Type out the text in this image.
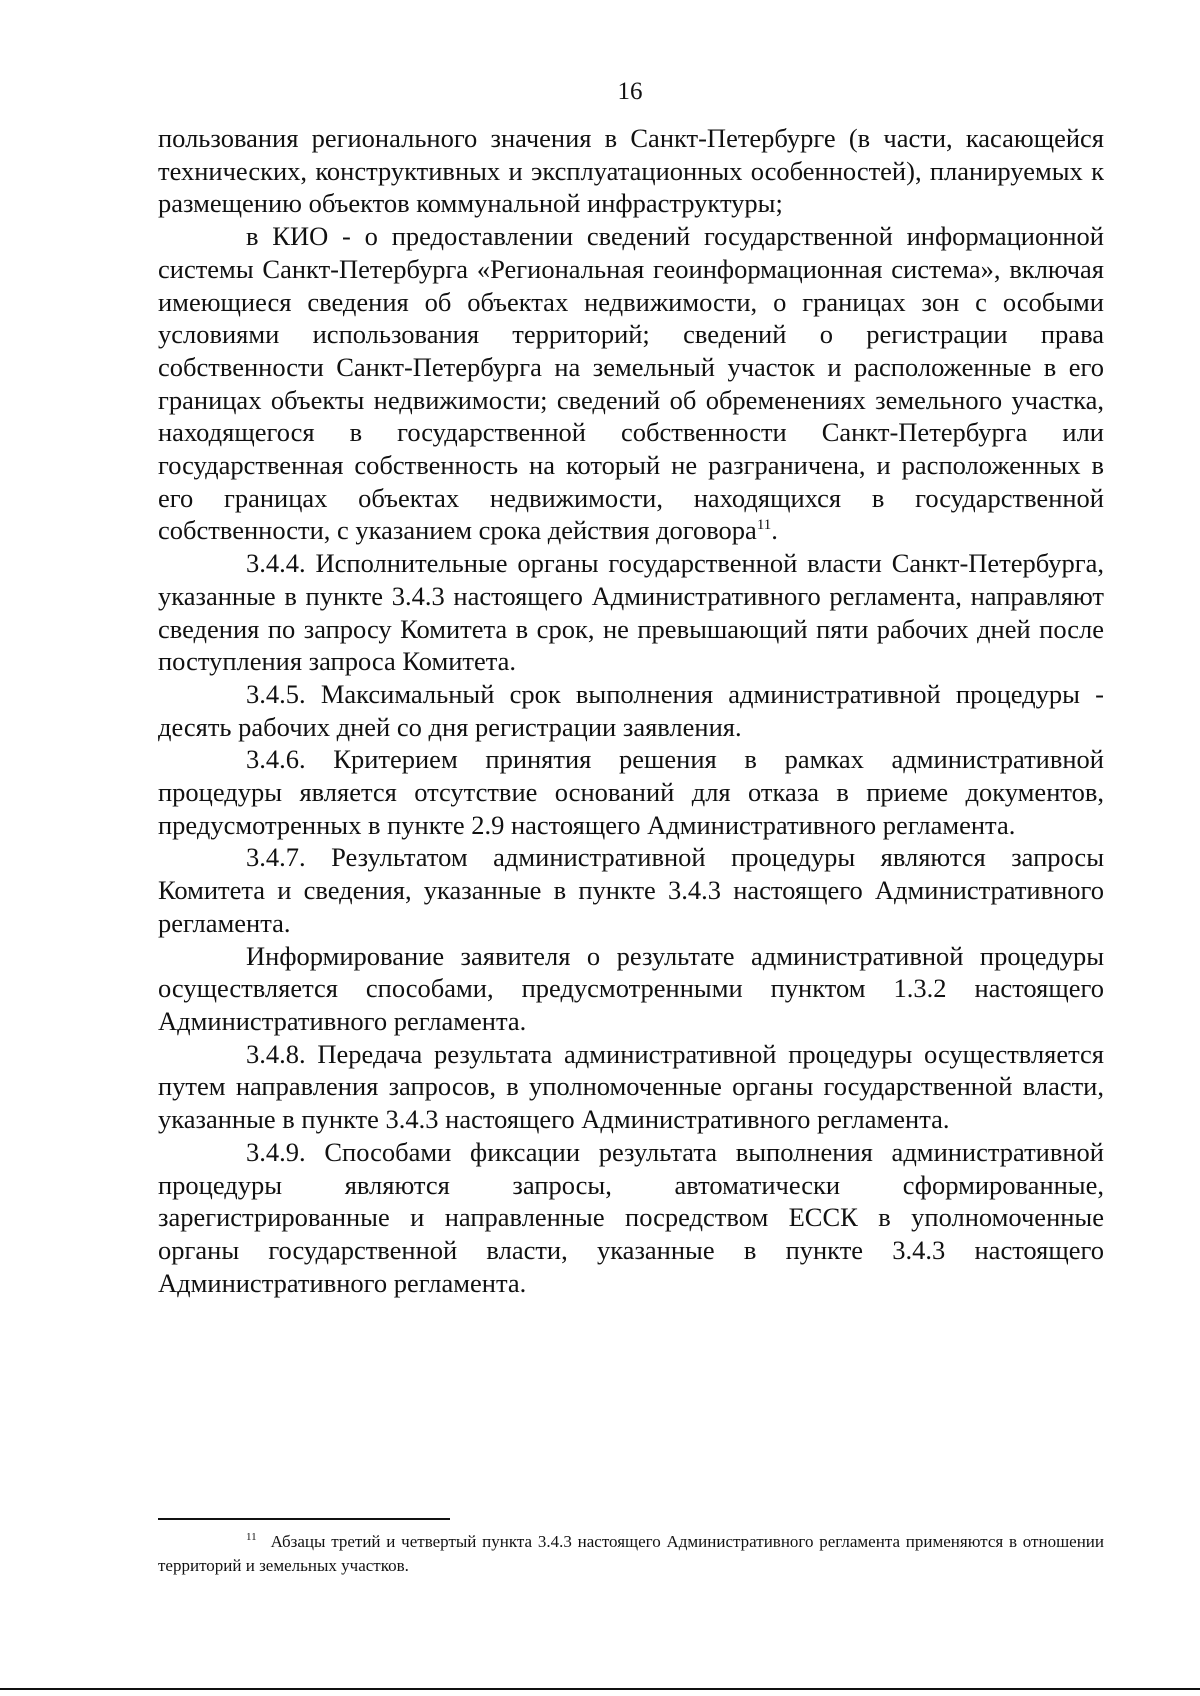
16

пользования регионального значения в Санкт-Петербурге (в части, касающейся технических, конструктивных и эксплуатационных особенностей), планируемых к размещению объектов коммунальной инфраструктуры;

в КИО - о предоставлении сведений государственной информационной системы Санкт-Петербурга «Региональная геоинформационная система», включая имеющиеся сведения об объектах недвижимости, о границах зон с особыми условиями использования территорий; сведений о регистрации права собственности Санкт-Петербурга на земельный участок и расположенные в его границах объекты недвижимости; сведений об обременениях земельного участка, находящегося в государственной собственности Санкт-Петербурга или государственная собственность на который не разграничена, и расположенных в его границах объектах недвижимости, находящихся в государственной собственности, с указанием срока действия договора$^{11}$.

3.4.4. Исполнительные органы государственной власти Санкт-Петербурга, указанные в пункте 3.4.3 настоящего Административного регламента, направляют сведения по запросу Комитета в срок, не превышающий пяти рабочих дней после поступления запроса Комитета.

3.4.5. Максимальный срок выполнения административной процедуры - десять рабочих дней со дня регистрации заявления.

3.4.6. Критерием принятия решения в рамках административной процедуры является отсутствие оснований для отказа в приеме документов, предусмотренных в пункте 2.9 настоящего Административного регламента.

3.4.7. Результатом административной процедуры являются запросы Комитета и сведения, указанные в пункте 3.4.3 настоящего Административного регламента.

Информирование заявителя о результате административной процедуры осуществляется способами, предусмотренными пунктом 1.3.2 настоящего Административного регламента.

3.4.8. Передача результата административной процедуры осуществляется путем направления запросов, в уполномоченные органы государственной власти, указанные в пункте 3.4.3 настоящего Административного регламента.

3.4.9. Способами фиксации результата выполнения административной процедуры являются запросы, автоматически сформированные, зарегистрированные и направленные посредством ЕССК в уполномоченные органы государственной власти, указанные в пункте 3.4.3 настоящего Административного регламента.

$^{11}$ Абзацы третий и четвертый пункта 3.4.3 настоящего Административного регламента применяются в отношении территорий и земельных участков.
